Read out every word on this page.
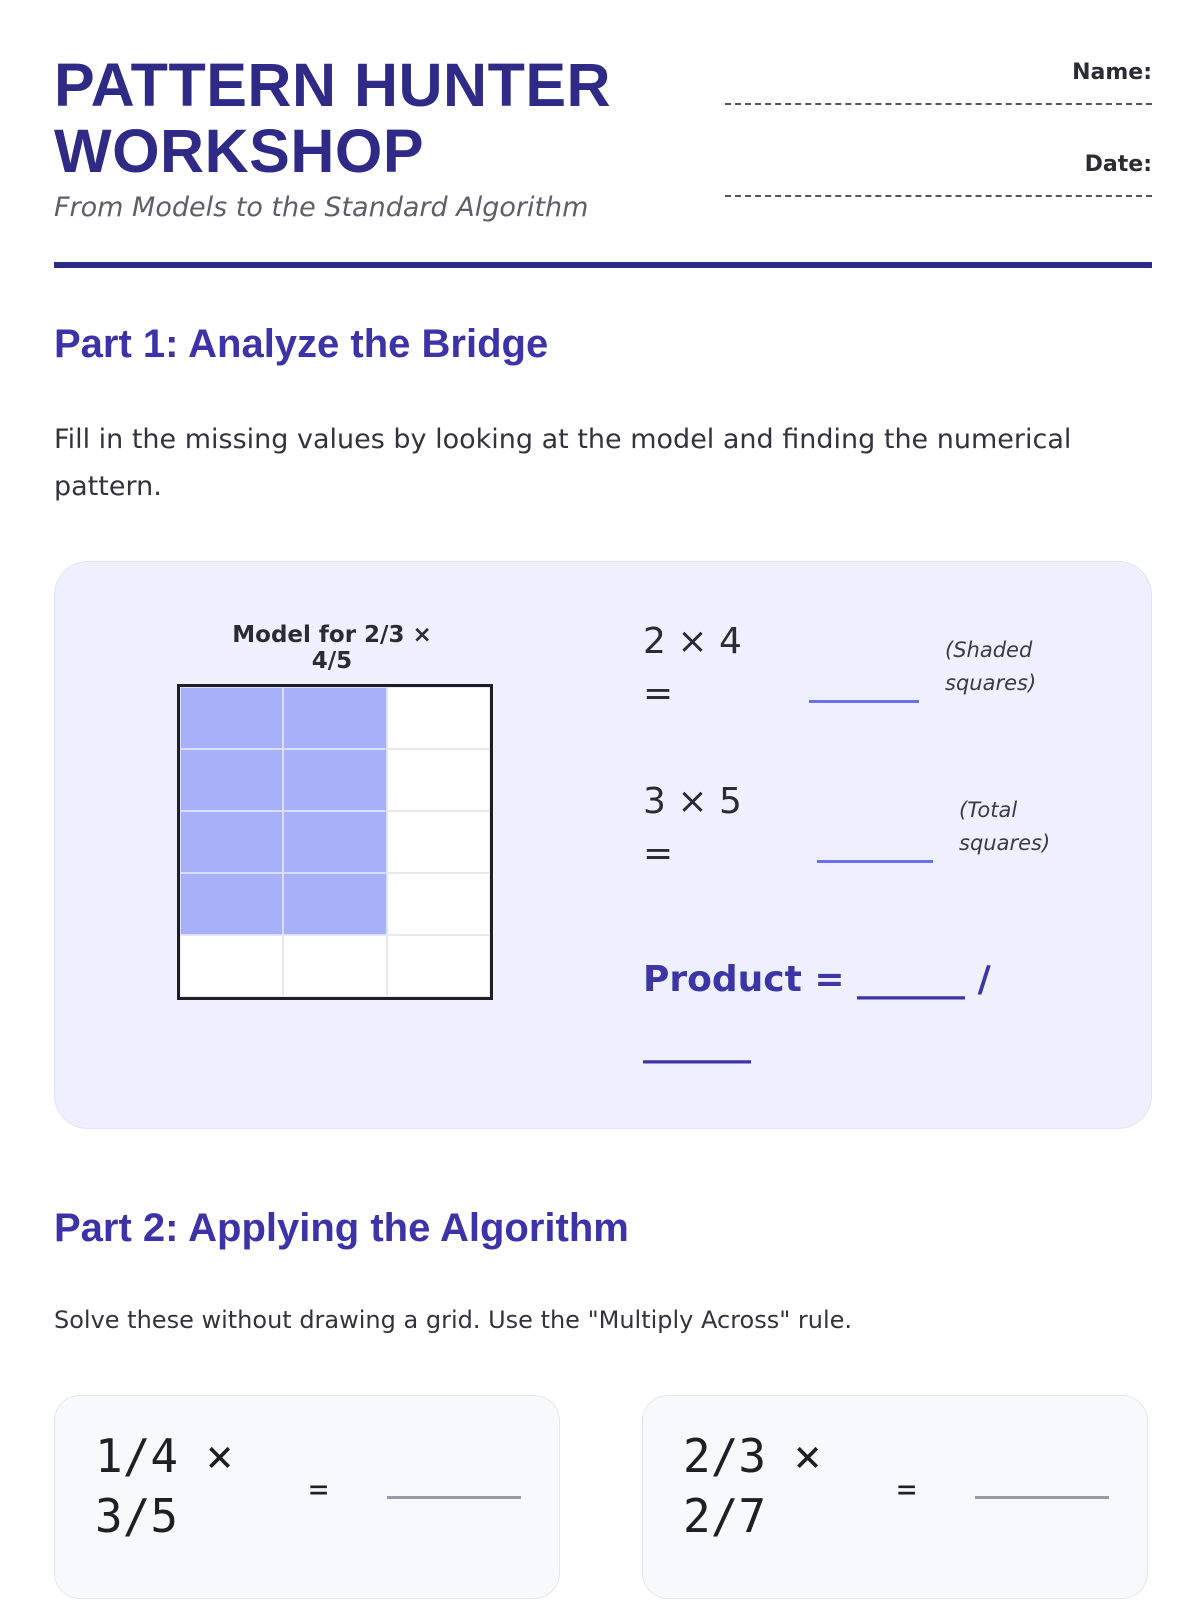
PATTERN HUNTER
WORKSHOP
From Models to the Standard Algorithm
Name:
Date:
Part 1: Analyze the Bridge
Fill in the missing values by looking at the model and finding the numerical pattern.
Model for 2/3 × 4/5	2 × 4 =
(Shaded squares)
3 × 5 =
(Total squares)
Product = ______ / ______
Part 2: Applying the Algorithm
Solve these without drawing a grid. Use the "Multiply Across" rule.
1/4 × 3/5	=
2/3 × 2/7	=
